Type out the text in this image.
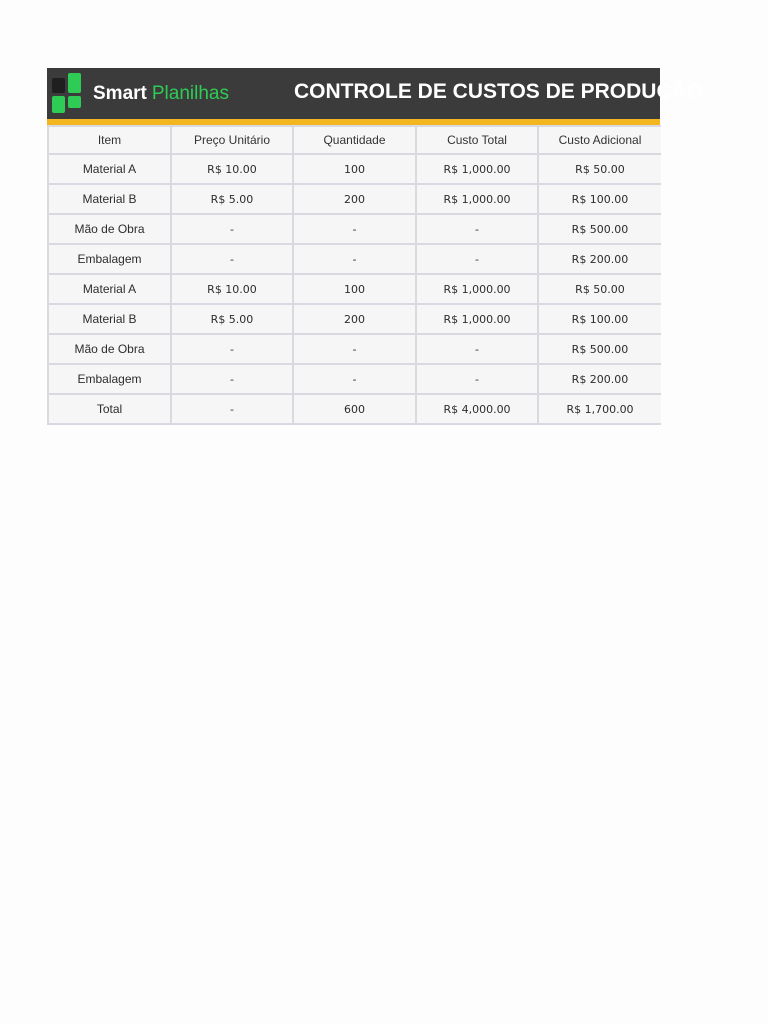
Smart Planilhas	CONTROLE DE CUSTOS DE PRODUÇÃO
Item	Preço Unitário	Quantidade	Custo Total	Custo Adicional
Material A	R$ 10.00	100	R$ 1,000.00	R$ 50.00
Material B	R$ 5.00	200	R$ 1,000.00	R$ 100.00
Mão de Obra	-	-	-	R$ 500.00
Embalagem	-	-	-	R$ 200.00
Material A	R$ 10.00	100	R$ 1,000.00	R$ 50.00
Material B	R$ 5.00	200	R$ 1,000.00	R$ 100.00
Mão de Obra	-	-	-	R$ 500.00
Embalagem	-	-	-	R$ 200.00
Total	-	600	R$ 4,000.00	R$ 1,700.00
